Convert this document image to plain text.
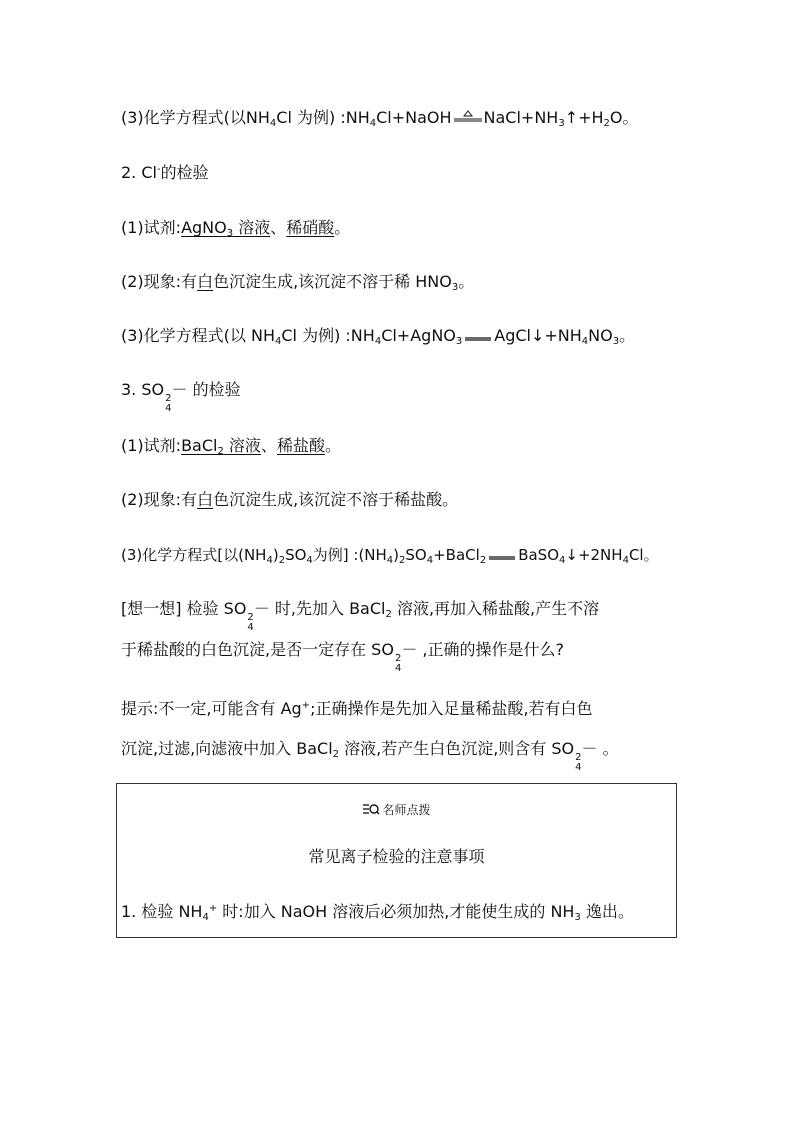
(3)化学方程式(以$NH_4Cl$ 为例) $:NH_4Cl+NaOH$ $NaCl+NH_3↑+H_2O$。
2. Cl-的检验
(1)试剂:AgNO$_3$ 溶液、稀硝酸。
(2)现象:有白色沉淀生成,该沉淀不溶于稀 $HNO_3$。
(3)化学方程式(以 $NH_4Cl$ 为例) $:NH_4Cl+AgNO_3$ $AgCl↓+NH_4NO_3$。
3. SO 2
4
－ 的检验
(1)试剂:BaCl$_2$ 溶液、稀盐酸。
(2)现象:有白色沉淀生成,该沉淀不溶于稀盐酸。
(3)化学方程式[以$(NH_4)_2SO_4$为例] $:(NH_4)_2SO_4+BaCl_2$ $BaSO_4↓+2NH_4Cl$。
[想一想] 检验 SO 2
4
－ 时,先加入 BaCl$_2$ 溶液,再加入稀盐酸,产生不溶
于稀盐酸的白色沉淀,是否一定存在 SO 2
4
－ ,正确的操作是什么?
提示:不一定,可能含有 Ag+;正确操作是先加入足量稀盐酸,若有白色
沉淀,过滤,向滤液中加入 BaCl$_2$ 溶液,若产生白色沉淀,则含有 SO 2
4
－ 。
名师点拨
常见离子检验的注意事项
1. 检验 $NH_4^+$ 时:加入 NaOH 溶液后必须加热,才能使生成的 $NH_3$ 逸出。
